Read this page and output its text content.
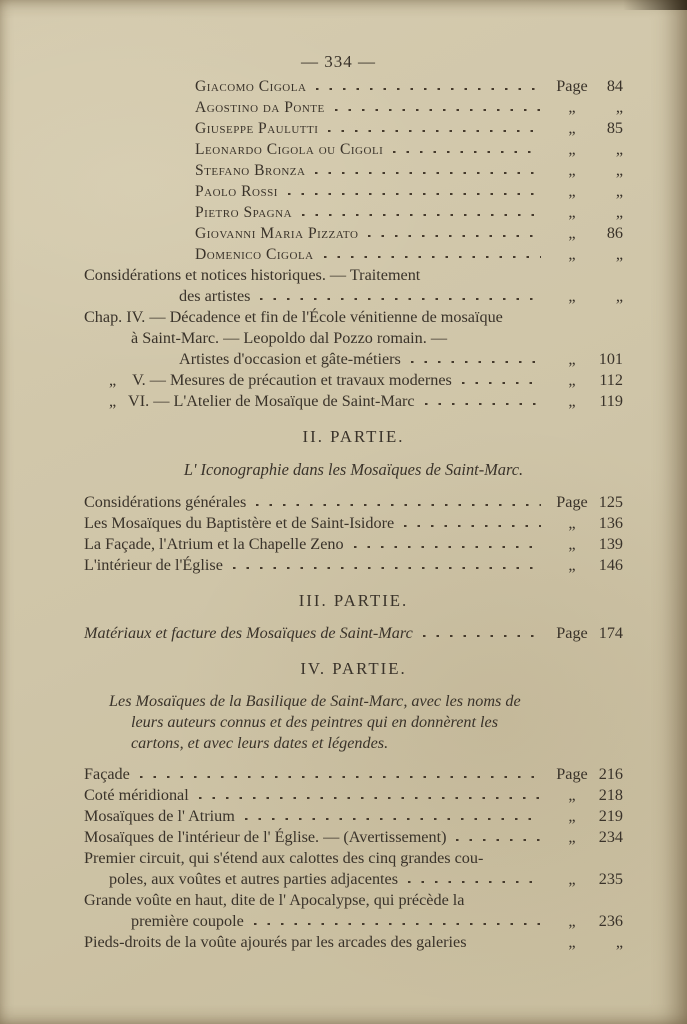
— 334 —
Giacomo Cigola	Page	84
Agostino da Ponte	„	„
Giuseppe Paulutti	„	85
Leonardo Cigola ou Cigoli	„	„
Stefano Bronza	„	„
Paolo Rossi	„	„
Pietro Spagna	„	„
Giovanni Maria Pizzato	„	86
Domenico Cigola	„	„
Considérations et notices historiques. — Traitement
des artistes	„	„
Chap. IV. — Décadence et fin de l'École vénitienne de mosaïque
à Saint-Marc. — Leopoldo dal Pozzo romain. —
Artistes d'occasion et gâte-métiers	„	101
„    V. — Mesures de précaution et travaux modernes	„	112
„   VI. — L'Atelier de Mosaïque de Saint-Marc	„	119
II. PARTIE.
L' Iconographie dans les Mosaïques de Saint-Marc.
Considérations générales	Page 125
Les Mosaïques du Baptistère et de Saint-Isidore	„	136
La Façade, l'Atrium et la Chapelle Zeno	„	139
L'intérieur de l'Église	„	146
III. PARTIE.
Matériaux et facture des Mosaïques de Saint-Marc	Page 174
IV. PARTIE.
Les Mosaïques de la Basilique de Saint-Marc, avec les noms de
leurs auteurs connus et des peintres qui en donnèrent les
cartons, et avec leurs dates et légendes.
Façade	Page 216
Coté méridional	„	218
Mosaïques de l' Atrium	„	219
Mosaïques de l'intérieur de l' Église. — (Avertissement)	„	234
Premier circuit, qui s'étend aux calottes des cinq grandes cou-
poles, aux voûtes et autres parties adjacentes	„	235
Grande voûte en haut, dite de l' Apocalypse, qui précède la
première coupole	„	236
Pieds-droits de la voûte ajourés par les arcades des galeries	„	„
